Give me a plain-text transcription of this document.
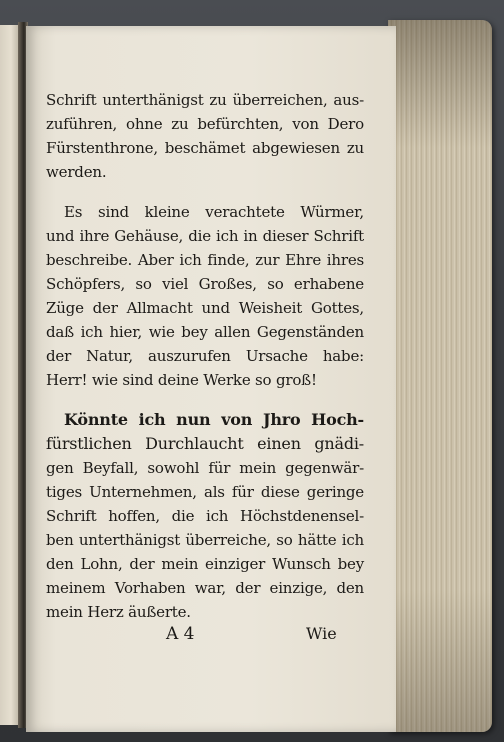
Schrift unterthänigst zu überreichen, aus-
zuführen, ohne zu befürchten, von Dero
Fürstenthrone, beschämet abgewiesen zu
werden.
Es sind kleine verachtete Würmer,
und ihre Gehäuse, die ich in dieser Schrift
beschreibe. Aber ich finde, zur Ehre ihres
Schöpfers, so viel Großes, so erhabene
Züge der Allmacht und Weisheit Gottes,
daß ich hier, wie bey allen Gegenständen
der Natur, auszurufen Ursache habe:
Herr! wie sind deine Werke so groß!
Könnte ich nun von Jhro Hoch-
fürstlichen Durchlaucht einen gnädi-
gen Beyfall, sowohl für mein gegenwär-
tiges Unternehmen, als für diese geringe
Schrift hoffen, die ich Höchstdenensel-
ben unterthänigst überreiche, so hätte ich
den Lohn, der mein einziger Wunsch bey
meinem Vorhaben war, der einzige, den
mein Herz äußerte.
A 4	Wie
